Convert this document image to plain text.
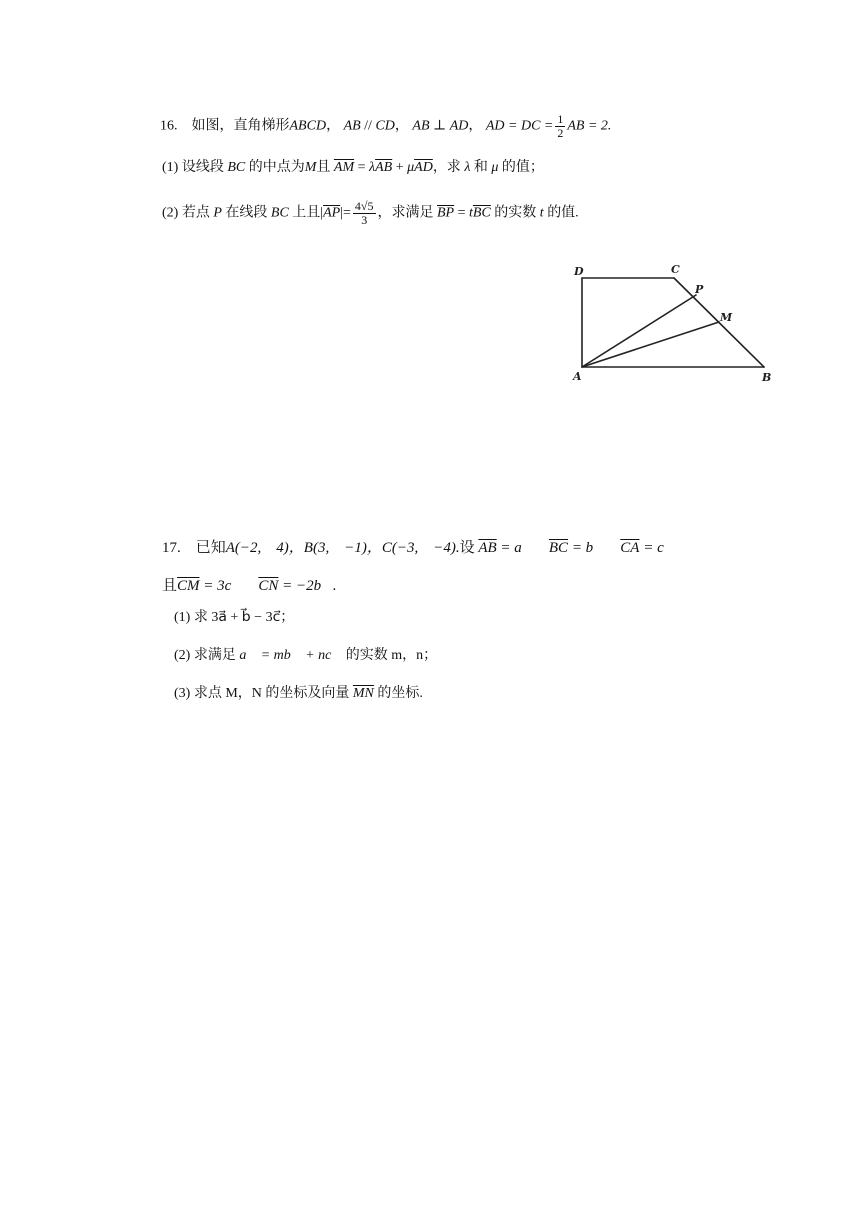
16. 如图，直角梯形ABCD， AB // CD， AB ⊥ AD， AD = DC = $\frac{1}{2}$ AB = 2.
(1) 设线段 BC 的中点为M且 $\overline{AM} = \lambda\overline{AB} + \mu\overline{AD}$，求 λ 和 μ 的值；
(2) 若点 P 在线段 BC 上且$|\overline{AP}|= \frac{4√5}{3}$ ，求满足 $\overline{BP} = t\overline{BC}$ 的实数 t 的值.
D	C
P
M
A	B
17. 已知A(−2,　4)，B(3,　−1)，C(−3,　−4).设 $\overline{AB}$ = a⃗， $\overline{BC}$ = b⃗， $\overline{CA}$ = c⃗，
且$\overline{CM}$ = 3c⃗， $\overline{CN}$ = −2b⃗.
(1) 求 3a⃗ + b⃗ − 3c⃗；
(2) 求满足 a⃗ = mb⃗ + nc⃗ 的实数 m，n；
(3) 求点 M，N 的坐标及向量 $\overline{MN}$ 的坐标.
